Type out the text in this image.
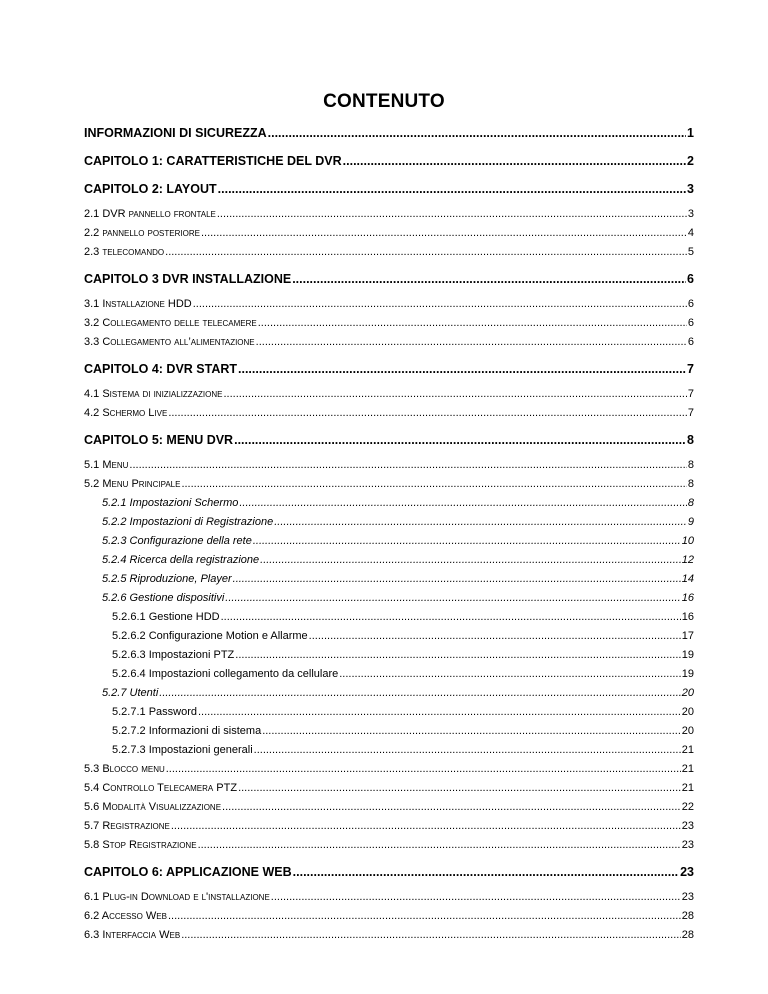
CONTENUTO
INFORMAZIONI DI SICUREZZA .....	1
CAPITOLO 1: CARATTERISTICHE DEL DVR .....	2
CAPITOLO 2: LAYOUT .....	3
2.1 DVR pannello frontale .....	3
2.2 pannello posteriore .....	4
2.3 telecomando .....	5
CAPITOLO 3 DVR INSTALLAZIONE .....	6
3.1 Installazione HDD .....	6
3.2 Collegamento delle telecamere .....	6
3.3 Collegamento all’alimentazione .....	6
CAPITOLO 4: DVR START .....	7
4.1 Sistema di inizializzazione .....	7
4.2 Schermo Live .....	7
CAPITOLO 5: MENU DVR .....	8
5.1 Menu .....	8
5.2 Menu Principale .....	8
5.2.1 Impostazioni Schermo .....	8
5.2.2 Impostazioni di Registrazione .....	9
5.2.3 Configurazione della rete .....	10
5.2.4 Ricerca della registrazione .....	12
5.2.5 Riproduzione, Player .....	14
5.2.6 Gestione dispositivi .....	16
5.2.6.1 Gestione HDD .....	16
5.2.6.2 Configurazione Motion e Allarme .....	17
5.2.6.3 Impostazioni PTZ .....	19
5.2.6.4 Impostazioni collegamento da cellulare .....	19
5.2.7 Utenti .....	20
5.2.7.1 Password .....	20
5.2.7.2 Informazioni di sistema .....	20
5.2.7.3 Impostazioni generali .....	21
5.3 Blocco menu .....	21
5.4 Controllo Telecamera PTZ .....	21
5.6 Modalità Visualizzazione .....	22
5.7 Registrazione .....	23
5.8 Stop Registrazione .....	23
CAPITOLO 6: APPLICAZIONE WEB .....	23
6.1 Plug-in Download e l'installazione .....	23
6.2 Accesso Web .....	28
6.3 Interfaccia Web .....	28
